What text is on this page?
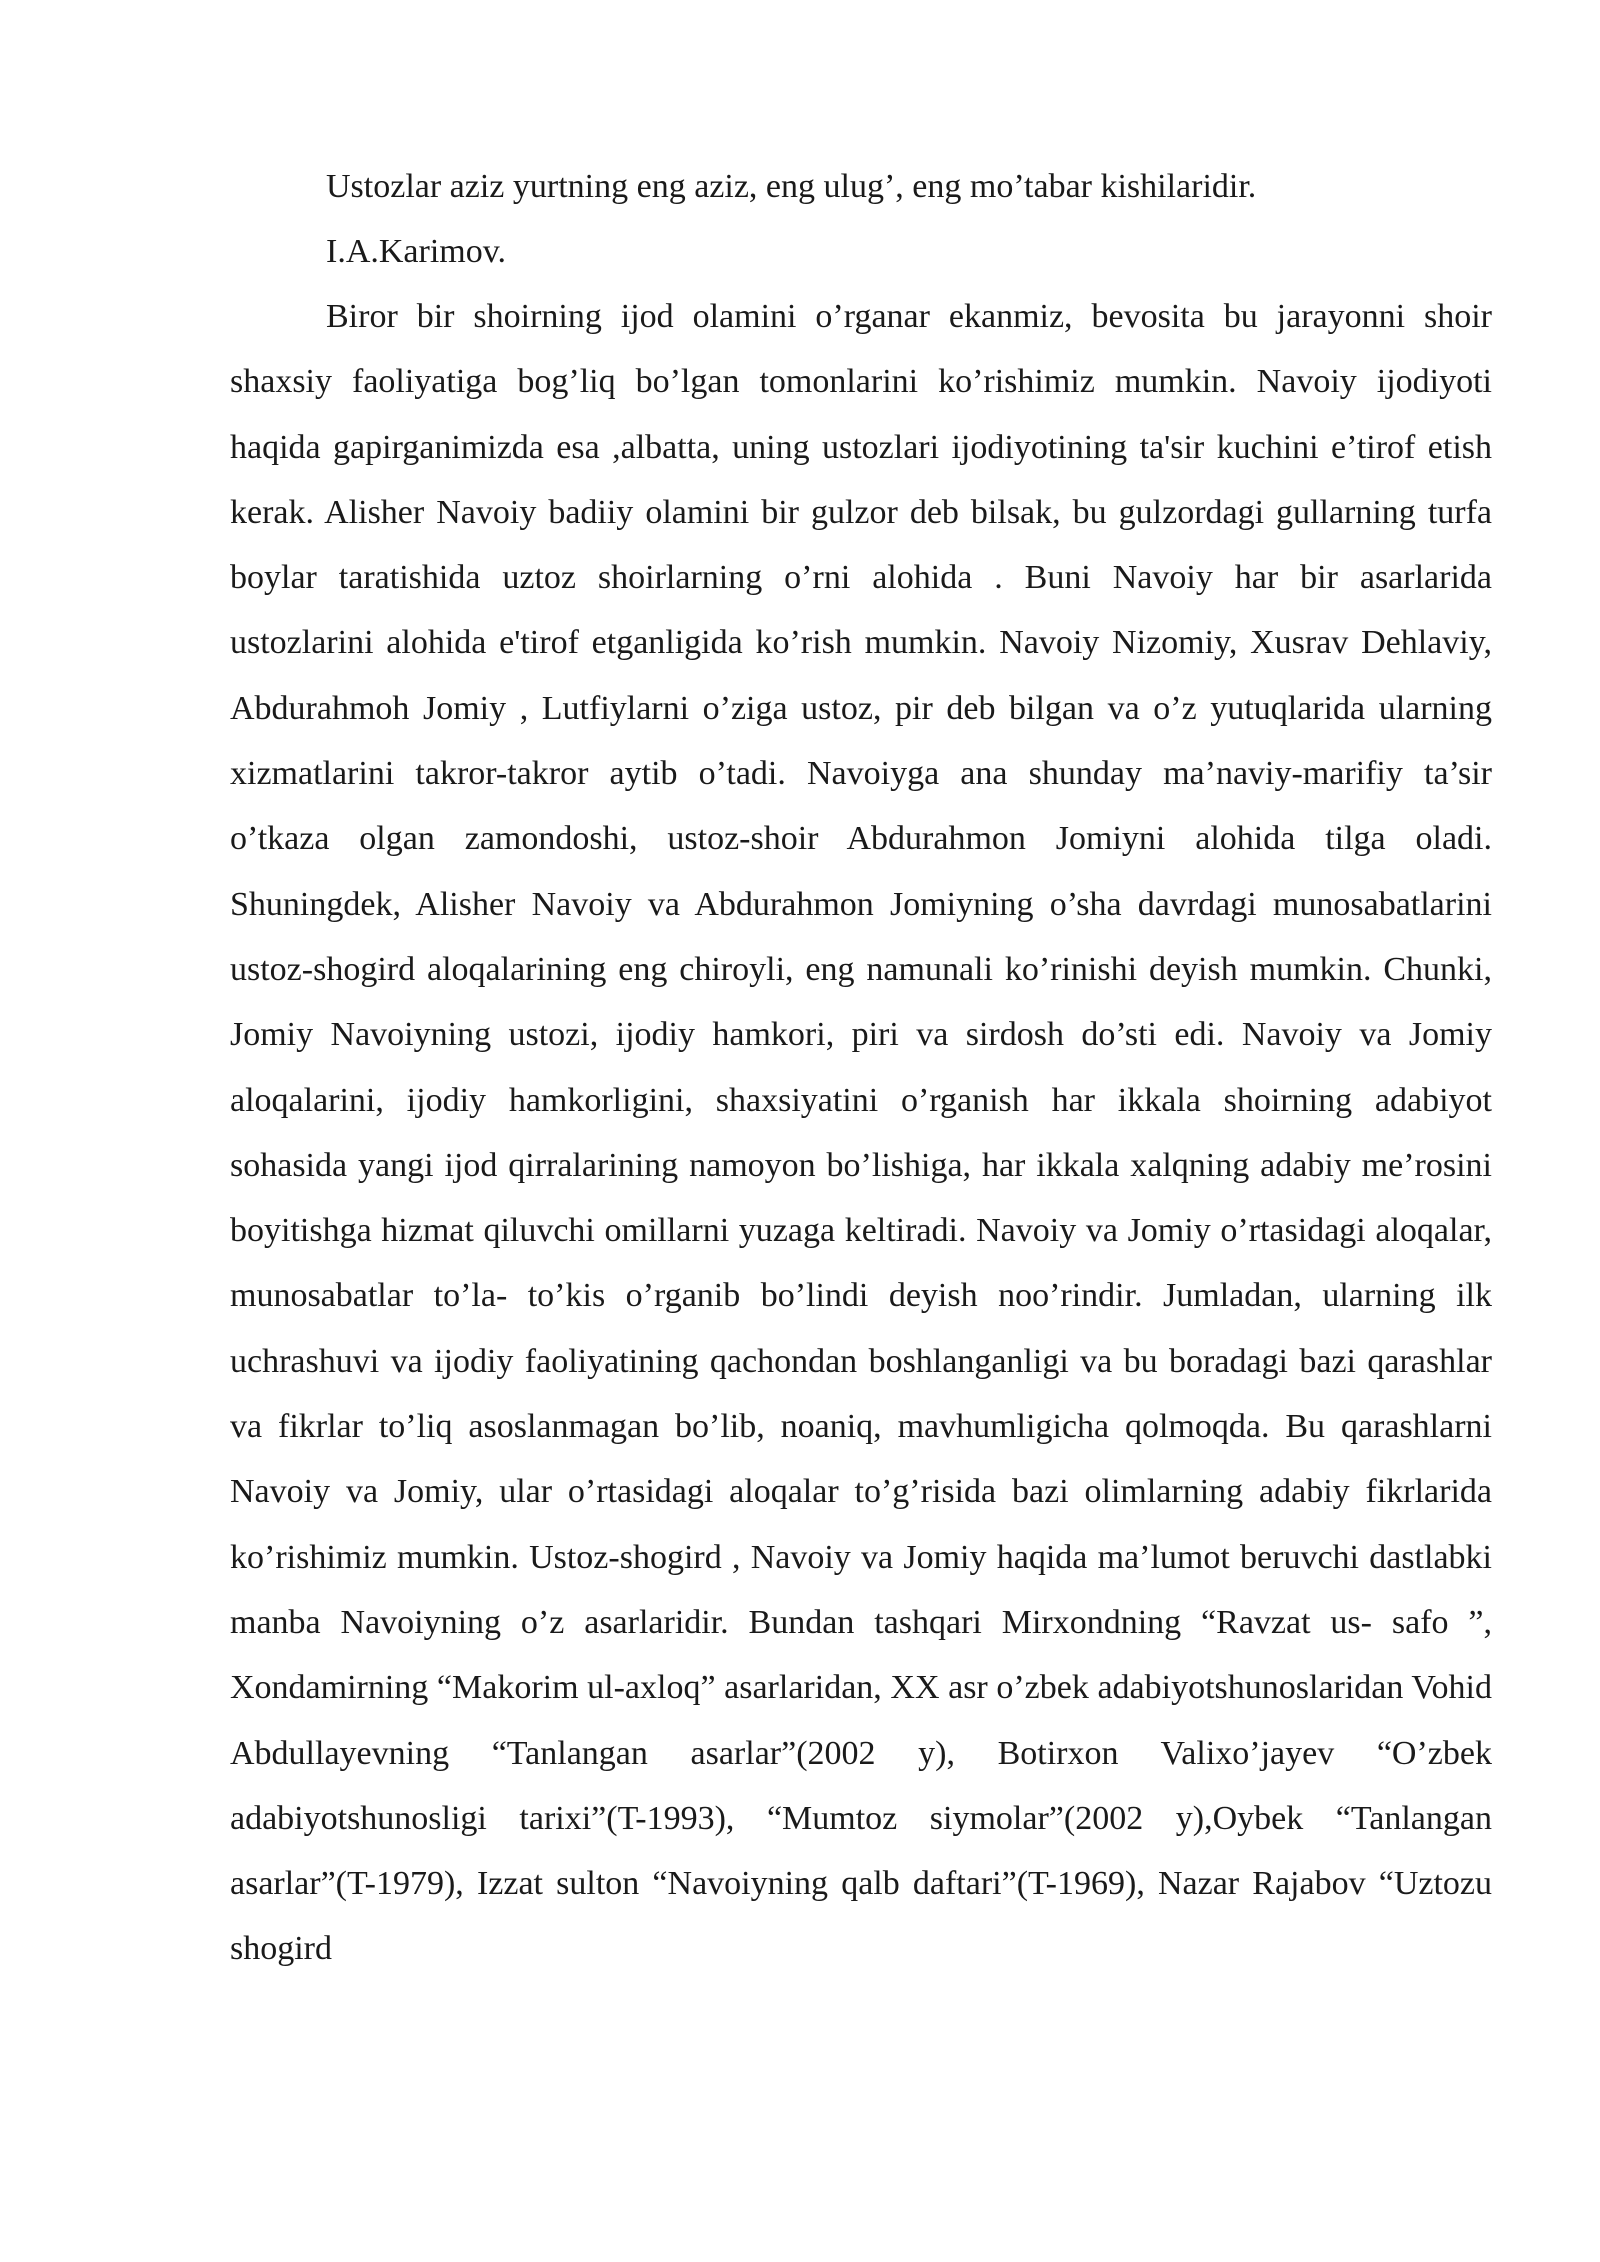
Ustozlar aziz yurtning eng aziz, eng ulug’, eng mo’tabar kishilaridir.

I.A.Karimov.

Biror bir shoirning ijod olamini o’rganar ekanmiz, bevosita bu jarayonni shoir shaxsiy faoliyatiga bog’liq bo’lgan tomonlarini ko’rishimiz mumkin. Navoiy ijodiyoti haqida gapirganimizda esa ,albatta, uning ustozlari ijodiyotining ta'sir kuchini e’tirof etish kerak. Alisher Navoiy badiiy olamini bir gulzor deb bilsak, bu gulzordagi gullarning turfa boylar taratishida uztoz shoirlarning o’rni alohida . Buni Navoiy har bir asarlarida ustozlarini alohida e'tirof etganligida ko’rish mumkin. Navoiy Nizomiy, Xusrav Dehlaviy, Abdurahmoh Jomiy , Lutfiylarni o’ziga ustoz, pir deb bilgan va o’z yutuqlarida ularning xizmatlarini takror-takror aytib o’tadi. Navoiyga ana shunday ma’naviy-marifiy ta’sir o’tkaza olgan zamondoshi, ustoz-shoir Abdurahmon Jomiyni alohida tilga oladi. Shuningdek, Alisher Navoiy va Abdurahmon Jomiyning o’sha davrdagi munosabatlarini ustoz-shogird aloqalarining eng chiroyli, eng namunali ko’rinishi deyish mumkin. Chunki, Jomiy Navoiyning ustozi, ijodiy hamkori, piri va sirdosh do’sti edi. Navoiy va Jomiy aloqalarini, ijodiy hamkorligini, shaxsiyatini o’rganish har ikkala shoirning adabiyot sohasida yangi ijod qirralarining namoyon bo’lishiga, har ikkala xalqning adabiy me’rosini boyitishga hizmat qiluvchi omillarni yuzaga keltiradi. Navoiy va Jomiy o’rtasidagi aloqalar, munosabatlar to’la- to’kis o’rganib bo’lindi deyish noo’rindir. Jumladan, ularning ilk uchrashuvi va ijodiy faoliyatining qachondan boshlanganligi va bu boradagi bazi qarashlar va fikrlar to’liq asoslanmagan bo’lib, noaniq, mavhumligicha qolmoqda. Bu qarashlarni Navoiy va Jomiy, ular o’rtasidagi aloqalar to’g’risida bazi olimlarning adabiy fikrlarida ko’rishimiz mumkin. Ustoz-shogird , Navoiy va Jomiy haqida ma’lumot beruvchi dastlabki manba Navoiyning o’z asarlaridir. Bundan tashqari Mirxondning “Ravzat us- safo ”, Xondamirning “Makorim ul-axloq” asarlaridan, XX asr o’zbek adabiyotshunoslaridan Vohid Abdullayevning “Tanlangan asarlar”(2002 y), Botirxon Valixo’jayev “O’zbek adabiyotshunosligi tarixi”(T-1993), “Mumtoz siymolar”(2002 y),Oybek “Tanlangan asarlar”(T-1979), Izzat sulton “Navoiyning qalb daftari”(T-1969), Nazar Rajabov “Uztozu shogird
